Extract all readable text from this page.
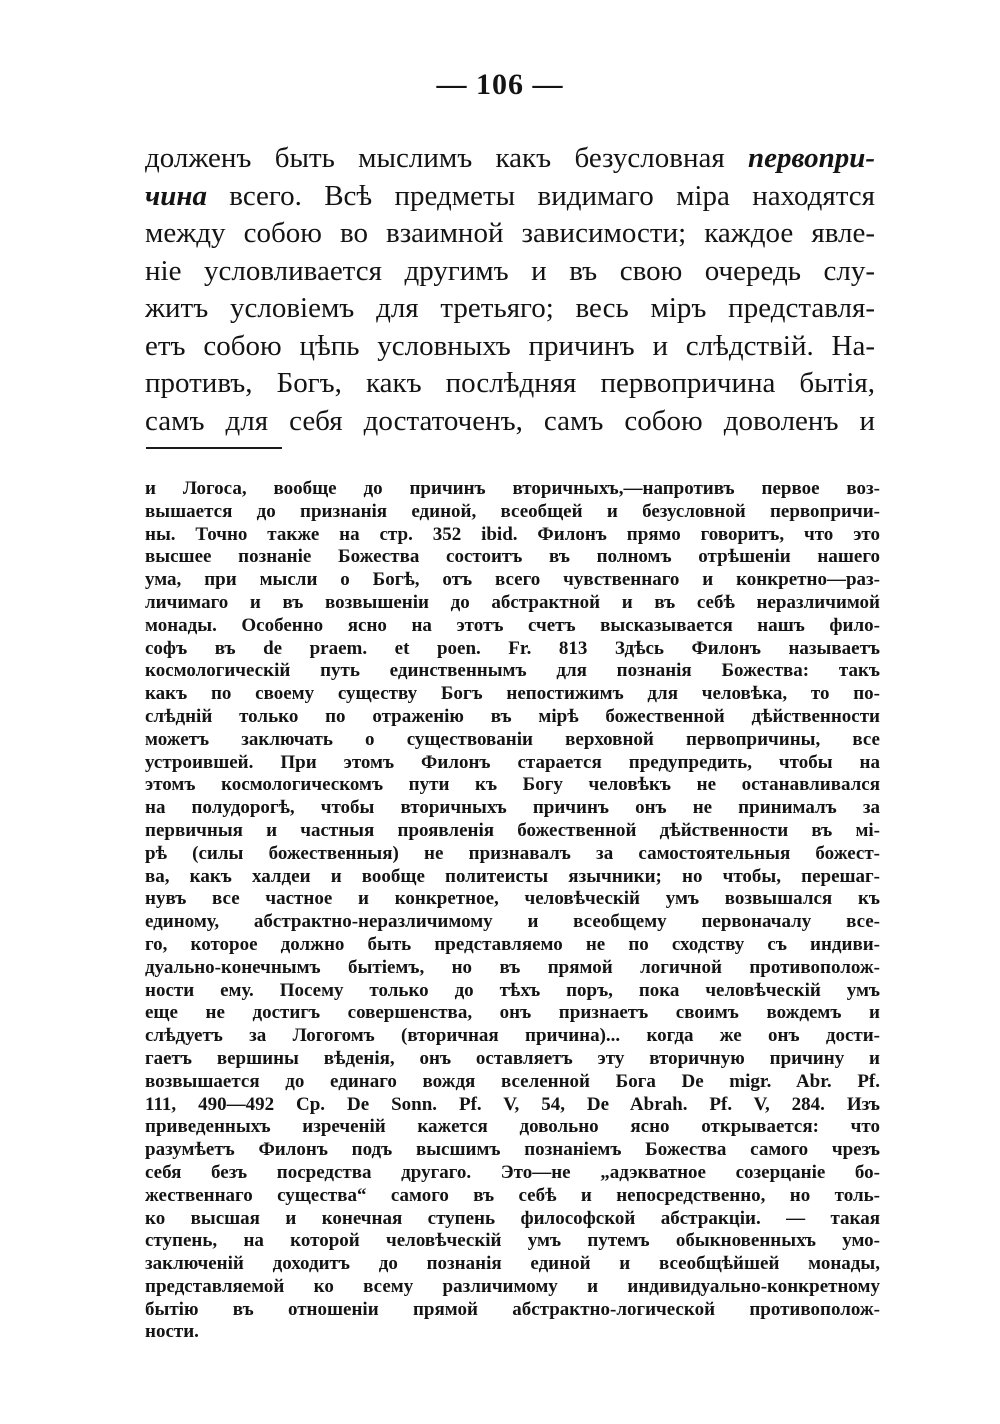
— 106 —
долженъ быть мыслимъ какъ безусловная первопри-
чина всего. Всѣ предметы видимаго міра находятся
между собою во взаимной зависимости; каждое явле-
ніе условливается другимъ и въ свою очередь слу-
житъ условіемъ для третьяго; весь міръ представля-
етъ собою цѣпь условныхъ причинъ и слѣдствій. На-
противъ, Богъ, какъ послѣдняя первопричина бытія,
самъ для себя достаточенъ, самъ собою доволенъ и
и Логоса, вообще до причинъ вторичныхъ,—напротивъ первое воз-
вышается до признанія единой, всеобщей и безусловной первопричи-
ны. Точно также на стр. 352 ibid. Филонъ прямо говоритъ, что это
высшее познаніе Божества состоитъ въ полномъ отрѣшеніи нашего
ума, при мысли о Богѣ, отъ всего чувственнаго и конкретно—раз-
личимаго и въ возвышеніи до абстрактной и въ себѣ неразличимой
монады. Особенно ясно на этотъ счетъ высказывается нашъ фило-
софъ въ de praem. et poen. Fr. 813 Здѣсь Филонъ называетъ
космологическій путь единственнымъ для познанія Божества: такъ
какъ по своему существу Богъ непостижимъ для человѣка, то по-
слѣдній только по отраженію въ мірѣ божественной дѣйственности
можетъ заключать о существованіи верховной первопричины, все
устроившей. При этомъ Филонъ старается предупредить, чтобы на
этомъ космологическомъ пути къ Богу человѣкъ не останавливался
на полудорогѣ, чтобы вторичныхъ причинъ онъ не принималъ за
первичныя и частныя проявленія божественной дѣйственности въ мі-
рѣ (силы божественныя) не признавалъ за самостоятельныя божест-
ва, какъ халдеи и вообще политеисты язычники; но чтобы, перешаг-
нувъ все частное и конкретное, человѣческій умъ возвышался къ
единому, абстрактно-неразличимому и всеобщему первоначалу все-
го, которое должно быть представляемо не по сходству съ индиви-
дуально-конечнымъ бытіемъ, но въ прямой логичной противополож-
ности ему. Посему только до тѣхъ поръ, пока человѣческій умъ
еще не достигъ совершенства, онъ признаетъ своимъ вождемъ и
слѣдуетъ за Логогомъ (вторичная причина)... когда же онъ дости-
гаетъ вершины вѣденія, онъ оставляетъ эту вторичную причину и
возвышается до единаго вождя вселенной Бога De migr. Abr. Pf.
111, 490—492 Cp. De Sonn. Pf. V, 54, De Abrah. Pf. V, 284. Изъ
приведенныхъ изреченій кажется довольно ясно открывается: что
разумѣетъ Филонъ подъ высшимъ познаніемъ Божества самого чрезъ
себя безъ посредства другаго. Это—не „адэкватное созерцаніе бо-
жественнаго существа“ самого въ себѣ и непосредственно, но толь-
ко высшая и конечная ступень философской абстракціи. — такая
ступень, на которой человѣческій умъ путемъ обыкновенныхъ умо-
заключеній доходитъ до познанія единой и всеобщѣйшей монады,
представляемой ко всему различимому и индивидуально-конкретному
бытію въ отношеніи прямой абстрактно-логической противополож-
ности.
